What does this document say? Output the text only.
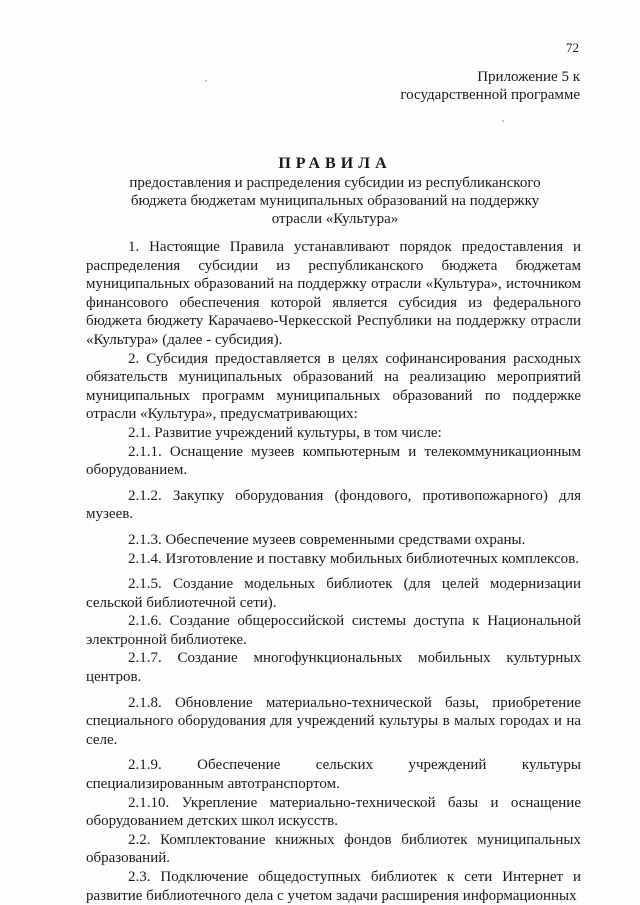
72
Приложение 5 к
государственной программе
ПРАВИЛА
предоставления и распределения субсидии из республиканского
бюджета бюджетам муниципальных образований на поддержку
отрасли «Культура»

1. Настоящие Правила устанавливают порядок предоставления и распределения субсидии из республиканского бюджета бюджетам муниципальных образований на поддержку отрасли «Культура», источником финансового обеспечения которой является субсидия из федерального бюджета бюджету Карачаево-Черкесской Республики на поддержку отрасли «Культура» (далее - субсидия).

2. Субсидия предоставляется в целях софинансирования расходных обязательств муниципальных образований на реализацию мероприятий муниципальных программ муниципальных образований по поддержке отрасли «Культура», предусматривающих:

2.1. Развитие учреждений культуры, в том числе:

2.1.1. Оснащение музеев компьютерным и телекоммуникационным оборудованием.

2.1.2. Закупку оборудования (фондового, противопожарного) для музеев.

2.1.3. Обеспечение музеев современными средствами охраны.

2.1.4. Изготовление и поставку мобильных библиотечных комплексов.

2.1.5. Создание модельных библиотек (для целей модернизации сельской библиотечной сети).

2.1.6. Создание общероссийской системы доступа к Национальной электронной библиотеке.

2.1.7. Создание многофункциональных мобильных культурных центров.

2.1.8. Обновление материально-технической базы, приобретение специального оборудования для учреждений культуры в малых городах и на селе.

2.1.9. Обеспечение сельских учреждений культуры специализированным автотранспортом.

2.1.10. Укрепление материально-технической базы и оснащение оборудованием детских школ искусств.

2.2. Комплектование книжных фондов библиотек муниципальных образований.

2.3. Подключение общедоступных библиотек к сети Интернет и развитие библиотечного дела с учетом задачи расширения информационных
